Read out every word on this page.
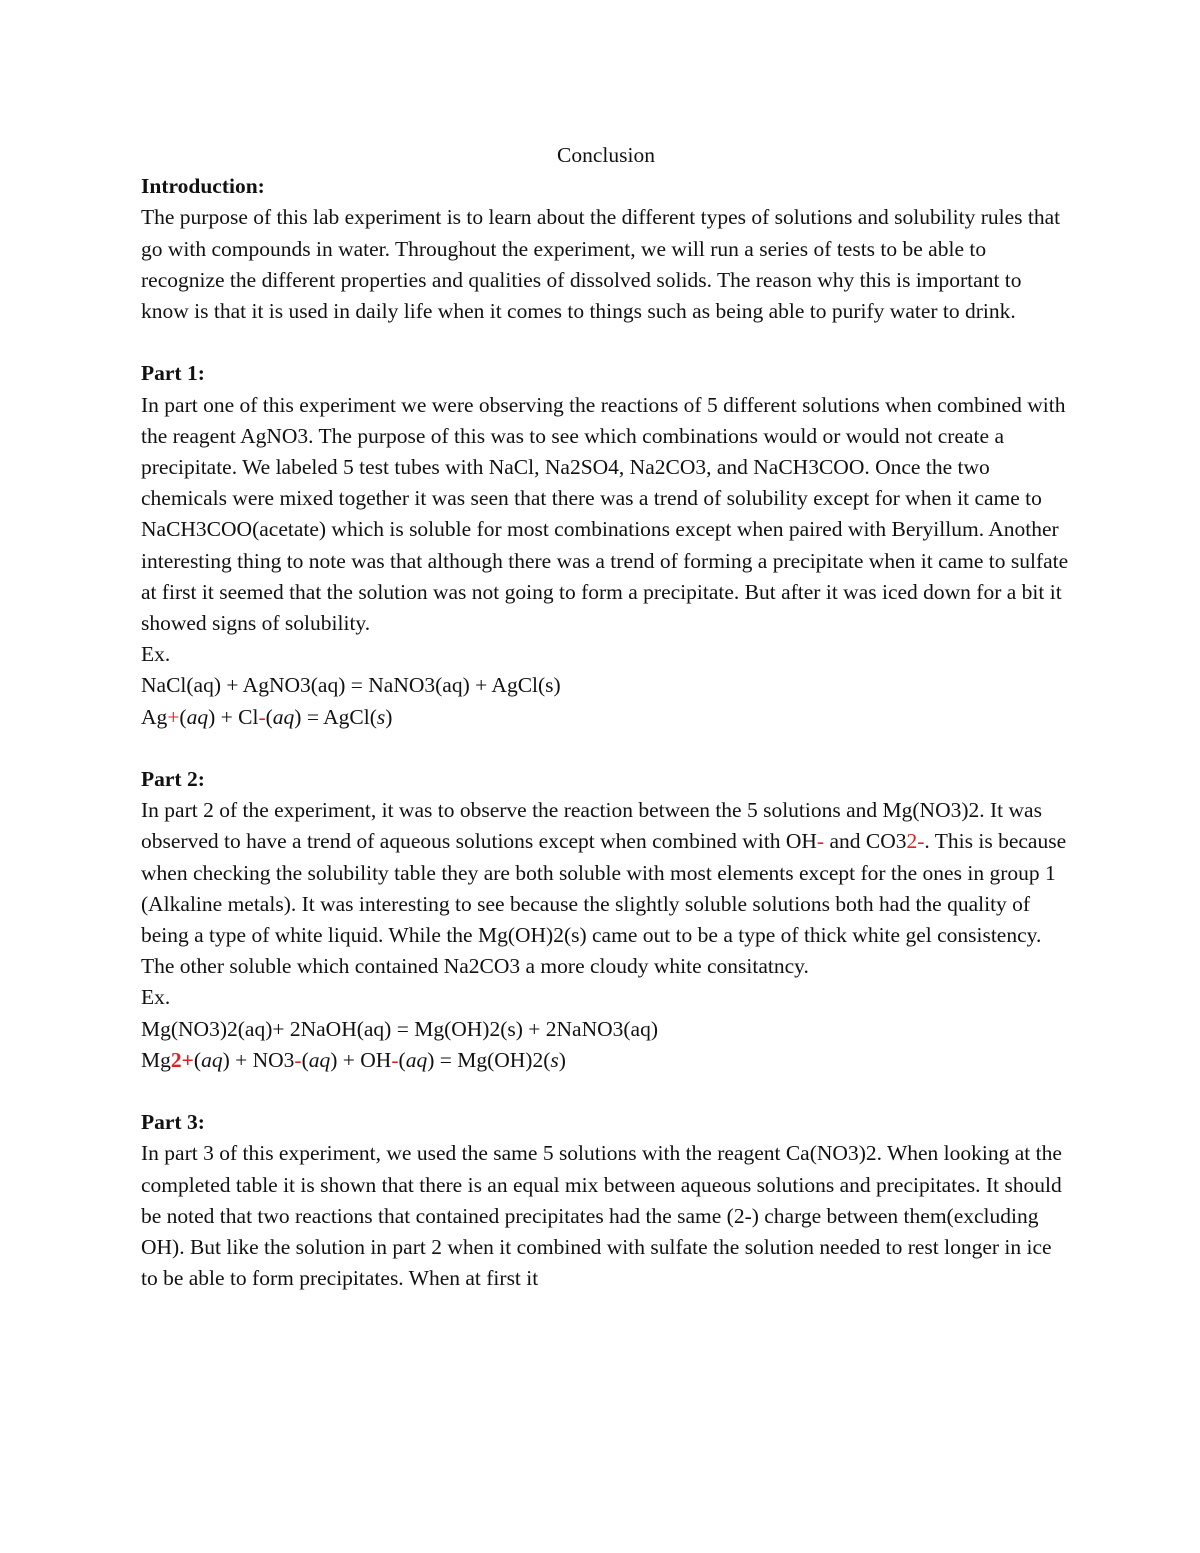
Conclusion

Introduction:

The purpose of this lab experiment is to learn about the different types of solutions and solubility rules that go with compounds in water. Throughout the experiment, we will run a series of tests to be able to recognize the different properties and qualities of dissolved solids. The reason why this is important to know is that it is used in daily life when it comes to things such as being able to purify water to drink.

Part 1:

In part one of this experiment we were observing the reactions of 5 different solutions when combined with the reagent AgNO3. The purpose of this was to see which combinations would or would not create a precipitate. We labeled 5 test tubes with NaCl, Na2SO4, Na2CO3, and NaCH3COO. Once the two chemicals were mixed together it was seen that there was a trend of solubility except for when it came to NaCH3COO(acetate) which is soluble for most combinations except when paired with Beryillum. Another interesting thing to note was that although there was a trend of forming a precipitate when it came to sulfate at first it seemed that the solution was not going to form a precipitate. But after it was iced down for a bit it showed signs of solubility.

Ex.

NaCl(aq) + AgNO3(aq) = NaNO3(aq) + AgCl(s)

Ag+(aq) + Cl-(aq) = AgCl(s)

Part 2:

In part 2 of the experiment, it was to observe the reaction between the 5 solutions and Mg(NO3)2. It was observed to have a trend of aqueous solutions except when combined with OH- and CO32-. This is because when checking the solubility table they are both soluble with most elements except for the ones in group 1 (Alkaline metals). It was interesting to see because the slightly soluble solutions both had the quality of being a type of white liquid. While the Mg(OH)2(s) came out to be a type of thick white gel consistency. The other soluble which contained Na2CO3 a more cloudy white consitatncy.

Ex.

Mg(NO3)2(aq)+ 2NaOH(aq) = Mg(OH)2(s) + 2NaNO3(aq)

Mg2+(aq) + NO3-(aq) + OH-(aq) = Mg(OH)2(s)

Part 3:

In part 3 of this experiment, we used the same 5 solutions with the reagent Ca(NO3)2. When looking at the completed table it is shown that there is an equal mix between aqueous solutions and precipitates. It should be noted that two reactions that contained precipitates had the same (2-) charge between them(excluding OH). But like the solution in part 2 when it combined with sulfate the solution needed to rest longer in ice to be able to form precipitates. When at first it
